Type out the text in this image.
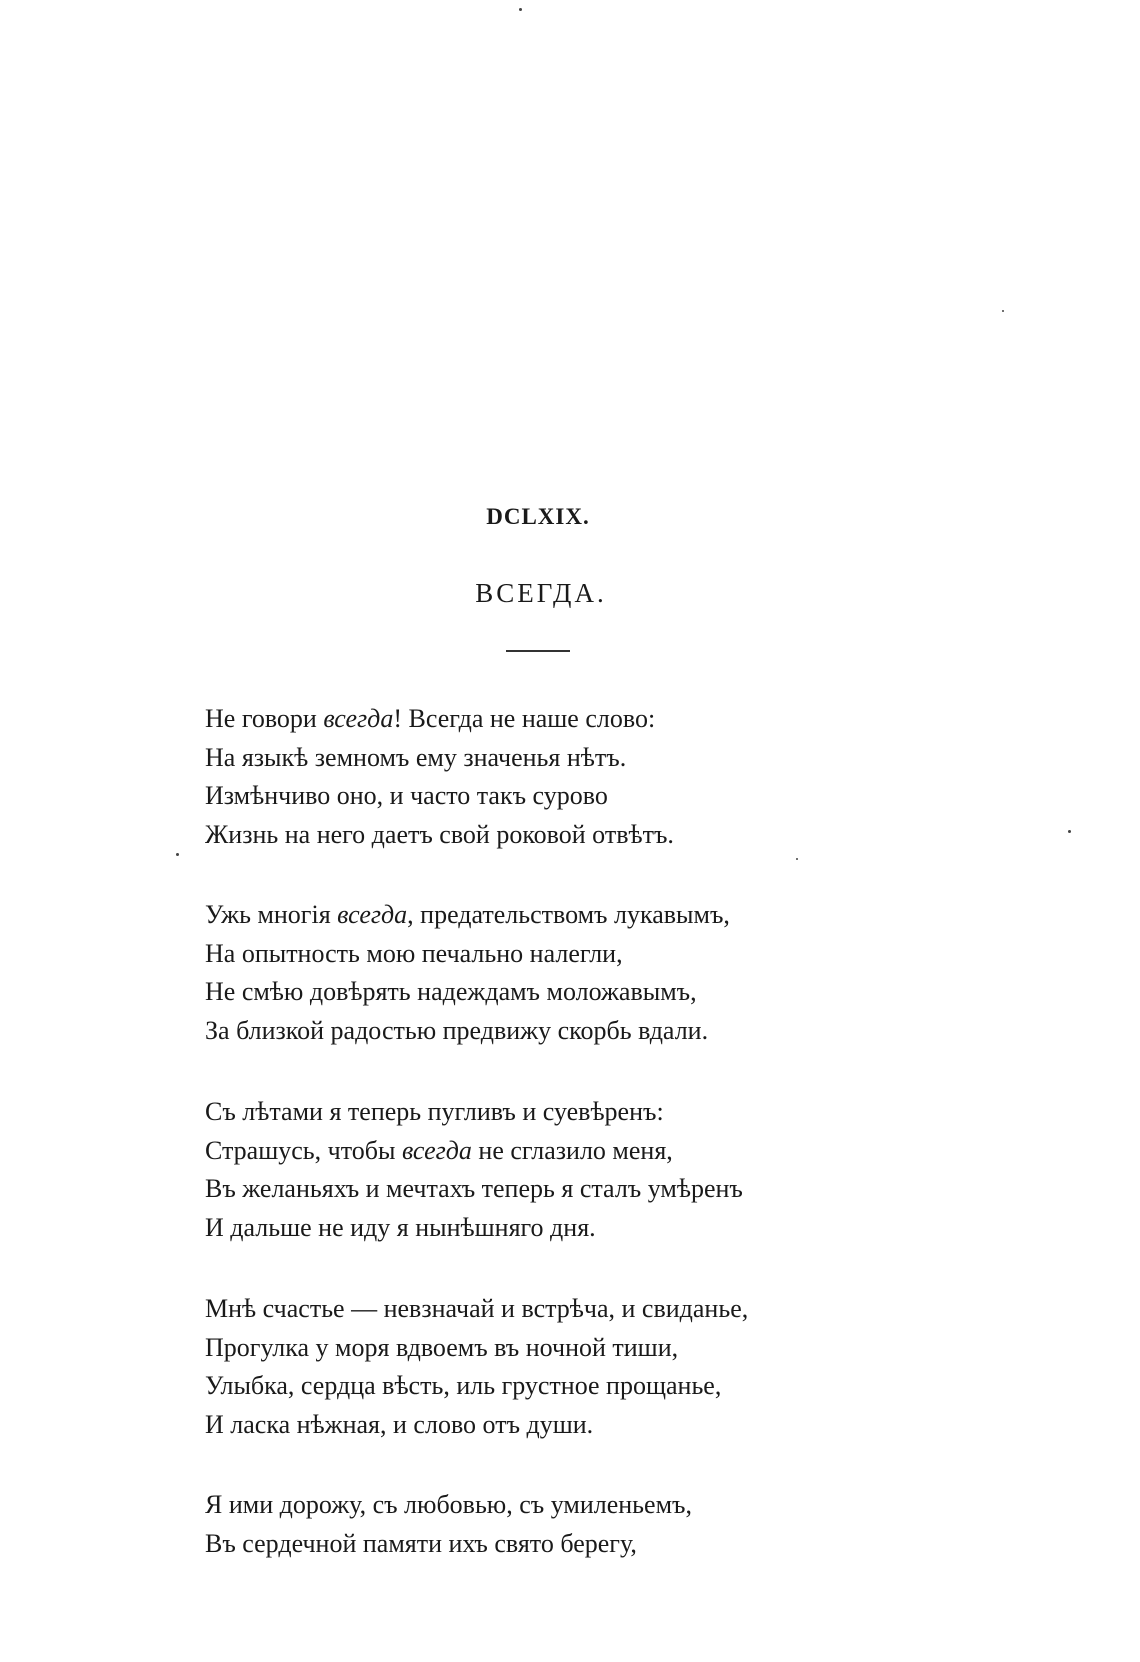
DCLXIX.
ВСЕГДА.
Не говори всегда! Всегда не наше слово:
На языкѣ земномъ ему значенья нѣтъ.
Измѣнчиво оно, и часто такъ сурово
Жизнь на него даетъ свой роковой отвѣтъ.
Ужь многія всегда, предательствомъ лукавымъ,
На опытность мою печально налегли,
Не смѣю довѣрять надеждамъ моложавымъ,
За близкой радостью предвижу скорбь вдали.
Съ лѣтами я теперь пугливъ и суевѣренъ:
Страшусь, чтобы всегда не сглазило меня,
Въ желаньяхъ и мечтахъ теперь я сталъ умѣренъ
И дальше не иду я нынѣшняго дня.
Мнѣ счастье — невзначай и встрѣча, и свиданье,
Прогулка у моря вдвоемъ въ ночной тиши,
Улыбка, сердца вѣсть, иль грустное прощанье,
И ласка нѣжная, и слово отъ души.
Я ими дорожу, съ любовью, съ умиленьемъ,
Въ сердечной памяти ихъ свято берегу,
